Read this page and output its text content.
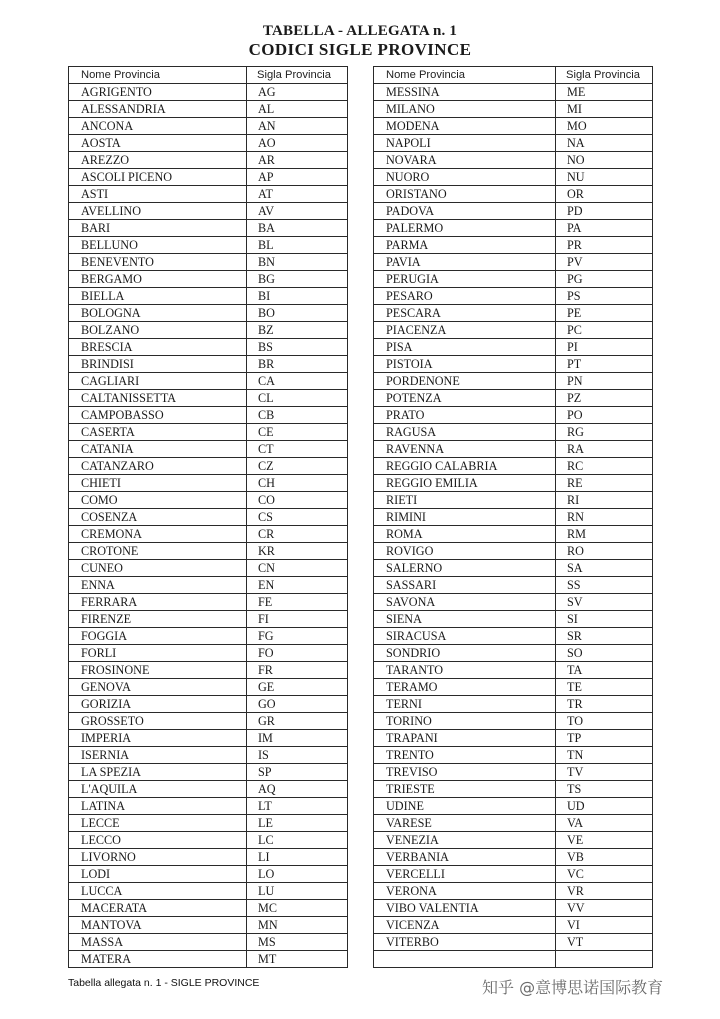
TABELLA - ALLEGATA n. 1
CODICI SIGLE PROVINCE
Nome Provincia	Sigla Provincia
AGRIGENTO	AG
ALESSANDRIA	AL
ANCONA	AN
AOSTA	AO
AREZZO	AR
ASCOLI PICENO	AP
ASTI	AT
AVELLINO	AV
BARI	BA
BELLUNO	BL
BENEVENTO	BN
BERGAMO	BG
BIELLA	BI
BOLOGNA	BO
BOLZANO	BZ
BRESCIA	BS
BRINDISI	BR
CAGLIARI	CA
CALTANISSETTA	CL
CAMPOBASSO	CB
CASERTA	CE
CATANIA	CT
CATANZARO	CZ
CHIETI	CH
COMO	CO
COSENZA	CS
CREMONA	CR
CROTONE	KR
CUNEO	CN
ENNA	EN
FERRARA	FE
FIRENZE	FI
FOGGIA	FG
FORLI	FO
FROSINONE	FR
GENOVA	GE
GORIZIA	GO
GROSSETO	GR
IMPERIA	IM
ISERNIA	IS
LA SPEZIA	SP
L'AQUILA	AQ
LATINA	LT
LECCE	LE
LECCO	LC
LIVORNO	LI
LODI	LO
LUCCA	LU
MACERATA	MC
MANTOVA	MN
MASSA	MS
MATERA	MT
Nome Provincia	Sigla Provincia
MESSINA	ME
MILANO	MI
MODENA	MO
NAPOLI	NA
NOVARA	NO
NUORO	NU
ORISTANO	OR
PADOVA	PD
PALERMO	PA
PARMA	PR
PAVIA	PV
PERUGIA	PG
PESARO	PS
PESCARA	PE
PIACENZA	PC
PISA	PI
PISTOIA	PT
PORDENONE	PN
POTENZA	PZ
PRATO	PO
RAGUSA	RG
RAVENNA	RA
REGGIO CALABRIA	RC
REGGIO EMILIA	RE
RIETI	RI
RIMINI	RN
ROMA	RM
ROVIGO	RO
SALERNO	SA
SASSARI	SS
SAVONA	SV
SIENA	SI
SIRACUSA	SR
SONDRIO	SO
TARANTO	TA
TERAMO	TE
TERNI	TR
TORINO	TO
TRAPANI	TP
TRENTO	TN
TREVISO	TV
TRIESTE	TS
UDINE	UD
VARESE	VA
VENEZIA	VE
VERBANIA	VB
VERCELLI	VC
VERONA	VR
VIBO VALENTIA	VV
VICENZA	VI
VITERBO	VT

Tabella allegata n. 1 - SIGLE PROVINCE	知乎 @意博思诺国际教育
